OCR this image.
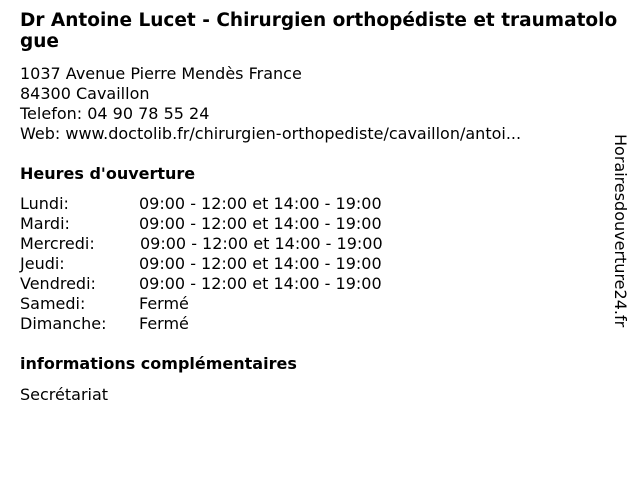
Dr Antoine Lucet - Chirurgien orthopédiste et traumatologue
1037 Avenue Pierre Mendès France
84300 Cavaillon
Telefon: 04 90 78 55 24
Web: www.doctolib.fr/chirurgien-orthopediste/cavaillon/antoi...
Heures d'ouverture
Lundi:	09:00 - 12:00 et 14:00 - 19:00
Mardi:	09:00 - 12:00 et 14:00 - 19:00
Mercredi:	09:00 - 12:00 et 14:00 - 19:00
Jeudi:	09:00 - 12:00 et 14:00 - 19:00
Vendredi:	09:00 - 12:00 et 14:00 - 19:00
Samedi:	Fermé
Dimanche:	Fermé
informations complémentaires
Secrétariat
Horairesdouverture24.fr
